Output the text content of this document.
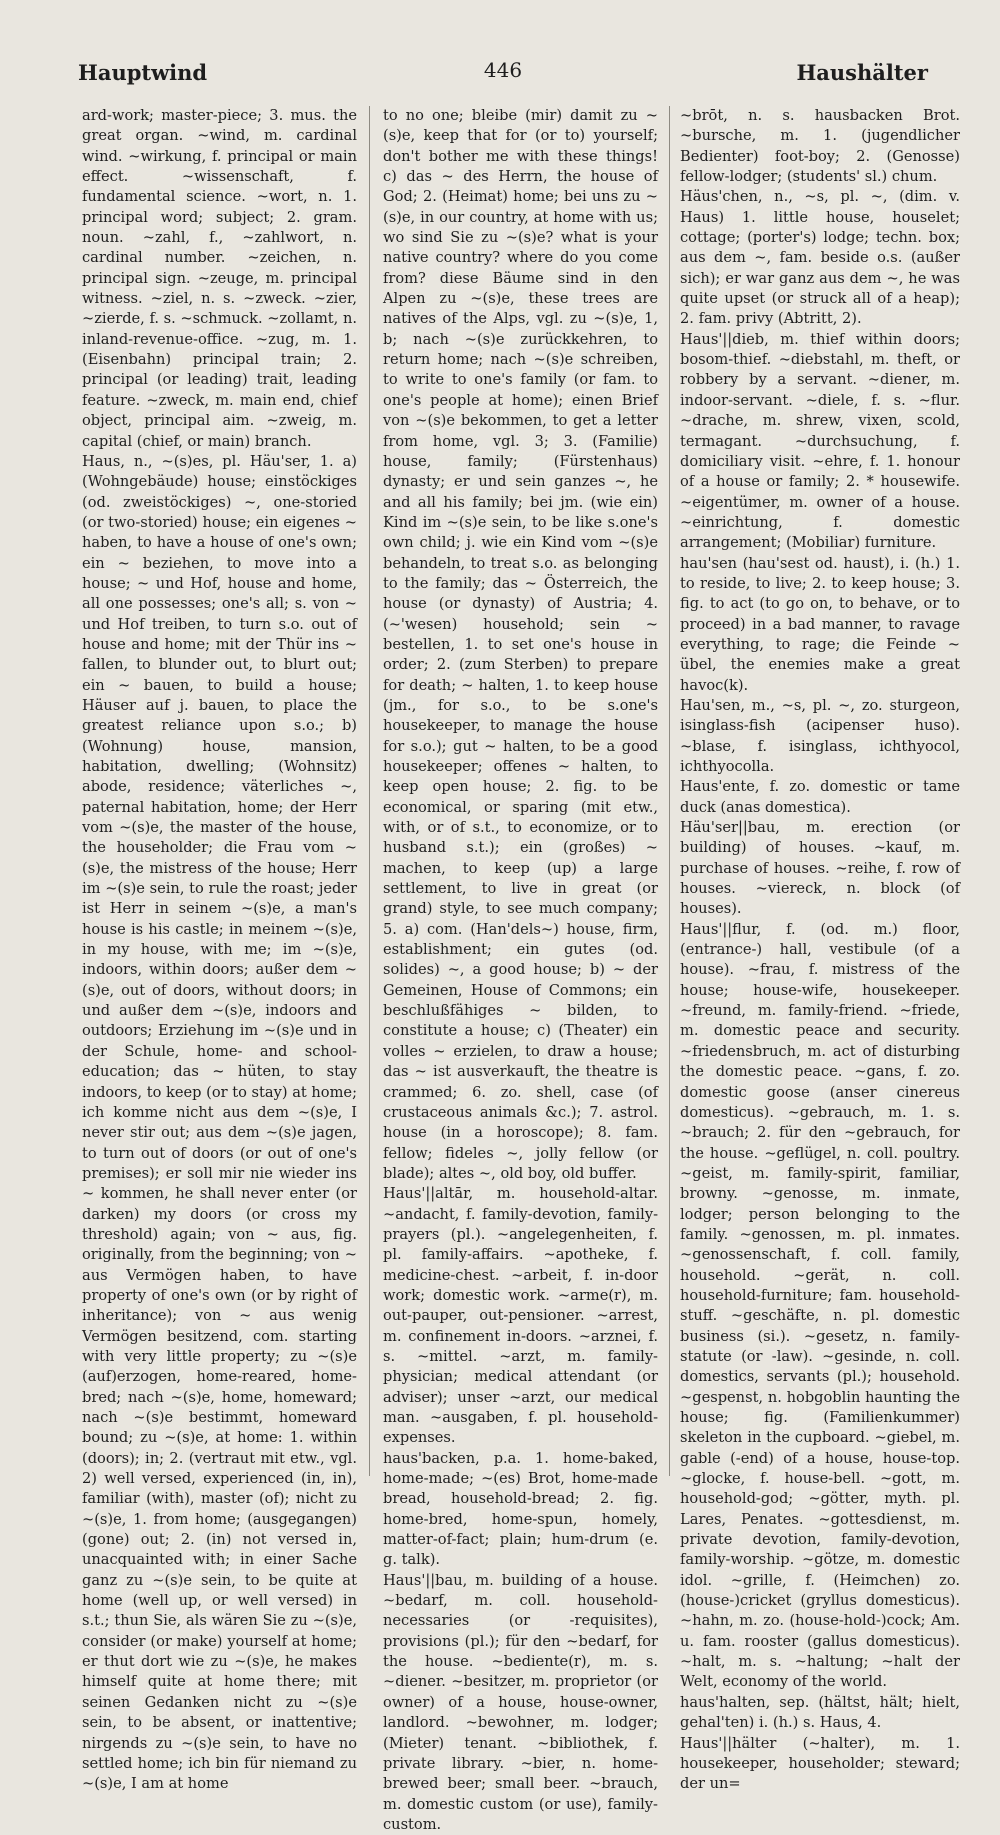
Hauptwind	446	Haushälter

ard-work; master-piece; 3. mus. the great organ. ~wind, m. cardinal wind. ~wirkung, f. principal or main effect. ~wissenschaft, f. fundamental science. ~wort, n. 1. principal word; subject; 2. gram. noun. ~zahl, f., ~zahlwort, n. cardinal number. ~zeichen, n. principal sign. ~zeuge, m. principal witness. ~ziel, n. s. ~zweck. ~zier, ~zierde, f. s. ~schmuck. ~zollamt, n. inland-revenue-office. ~zug, m. 1. (Eisenbahn) principal train; 2. principal (or leading) trait, leading feature. ~zweck, m. main end, chief object, principal aim. ~zweig, m. capital (chief, or main) branch.

Haus, n., ~(s)es, pl. Häu'ser, 1. a) (Wohngebäude) house; einstöckiges (od. zweistöckiges) ~, one-storied (or two-storied) house; ein eigenes ~ haben, to have a house of one's own; ein ~ beziehen, to move into a house; ~ und Hof, house and home, all one possesses; one's all; s. von ~ und Hof treiben, to turn s.o. out of house and home; mit der Thür ins ~ fallen, to blunder out, to blurt out; ein ~ bauen, to build a house; Häuser auf j. bauen, to place the greatest reliance upon s.o.; b) (Wohnung) house, mansion, habitation, dwelling; (Wohnsitz) abode, residence; väterliches ~, paternal habitation, home; der Herr vom ~(s)e, the master of the house, the householder; die Frau vom ~(s)e, the mistress of the house; Herr im ~(s)e sein, to rule the roast; jeder ist Herr in seinem ~(s)e, a man's house is his castle; in meinem ~(s)e, in my house, with me; im ~(s)e, indoors, within doors; außer dem ~(s)e, out of doors, without doors; in und außer dem ~(s)e, indoors and outdoors; Erziehung im ~(s)e und in der Schule, home- and school-education; das ~ hüten, to stay indoors, to keep (or to stay) at home; ich komme nicht aus dem ~(s)e, I never stir out; aus dem ~(s)e jagen, to turn out of doors (or out of one's premises); er soll mir nie wieder ins ~ kommen, he shall never enter (or darken) my doors (or cross my threshold) again; von ~ aus, fig. originally, from the beginning; von ~ aus Vermögen haben, to have property of one's own (or by right of inheritance); von ~ aus wenig Vermögen besitzend, com. starting with very little property; zu ~(s)e (auf)erzogen, home-reared, home-bred; nach ~(s)e, home, homeward; nach ~(s)e bestimmt, homeward bound; zu ~(s)e, at home: 1. within (doors); in; 2. (vertraut mit etw., vgl. 2) well versed, experienced (in, in), familiar (with), master (of); nicht zu ~(s)e, 1. from home; (ausgegangen) (gone) out; 2. (in) not versed in, unacquainted with; in einer Sache ganz zu ~(s)e sein, to be quite at home (well up, or well versed) in s.t.; thun Sie, als wären Sie zu ~(s)e, consider (or make) yourself at home; er thut dort wie zu ~(s)e, he makes himself quite at home there; mit seinen Gedanken nicht zu ~(s)e sein, to be absent, or inattentive; nirgends zu ~(s)e sein, to have no settled home; ich bin für niemand zu ~(s)e, I am at home

to no one; bleibe (mir) damit zu ~(s)e, keep that for (or to) yourself; don't bother me with these things! c) das ~ des Herrn, the house of God; 2. (Heimat) home; bei uns zu ~(s)e, in our country, at home with us; wo sind Sie zu ~(s)e? what is your native country? where do you come from? diese Bäume sind in den Alpen zu ~(s)e, these trees are natives of the Alps, vgl. zu ~(s)e, 1, b; nach ~(s)e zurückkehren, to return home; nach ~(s)e schreiben, to write to one's family (or fam. to one's people at home); einen Brief von ~(s)e bekommen, to get a letter from home, vgl. 3; 3. (Familie) house, family; (Fürstenhaus) dynasty; er und sein ganzes ~, he and all his family; bei jm. (wie ein) Kind im ~(s)e sein, to be like s.one's own child; j. wie ein Kind vom ~(s)e behandeln, to treat s.o. as belonging to the family; das ~ Österreich, the house (or dynasty) of Austria; 4. (~'wesen) household; sein ~ bestellen, 1. to set one's house in order; 2. (zum Sterben) to prepare for death; ~ halten, 1. to keep house (jm., for s.o., to be s.one's housekeeper, to manage the house for s.o.); gut ~ halten, to be a good housekeeper; offenes ~ halten, to keep open house; 2. fig. to be economical, or sparing (mit etw., with, or of s.t., to economize, or to husband s.t.); ein (großes) ~ machen, to keep (up) a large settlement, to live in great (or grand) style, to see much company; 5. a) com. (Han'dels~) house, firm, establishment; ein gutes (od. solides) ~, a good house; b) ~ der Gemeinen, House of Commons; ein beschlußfähiges ~ bilden, to constitute a house; c) (Theater) ein volles ~ erzielen, to draw a house; das ~ ist ausverkauft, the theatre is crammed; 6. zo. shell, case (of crustaceous animals &c.); 7. astrol. house (in a horoscope); 8. fam. fellow; fideles ~, jolly fellow (or blade); altes ~, old boy, old buffer.

Haus'||altār, m. household-altar. ~andacht, f. family-devotion, family-prayers (pl.). ~angelegenheiten, f. pl. family-affairs. ~apotheke, f. medicine-chest. ~arbeit, f. in-door work; domestic work. ~arme(r), m. out-pauper, out-pensioner. ~arrest, m. confinement in-doors. ~arznei, f. s. ~mittel. ~arzt, m. family-physician; medical attendant (or adviser); unser ~arzt, our medical man. ~ausgaben, f. pl. household-expenses.

haus'backen, p.a. 1. home-baked, home-made; ~(es) Brot, home-made bread, household-bread; 2. fig. home-bred, home-spun, homely, matter-of-fact; plain; hum-drum (e. g. talk).

Haus'||bau, m. building of a house. ~bedarf, m. coll. household-necessaries (or -requisites), provisions (pl.); für den ~bedarf, for the house. ~bediente(r), m. s. ~diener. ~besitzer, m. proprietor (or owner) of a house, house-owner, landlord. ~bewohner, m. lodger; (Mieter) tenant. ~bibliothek, f. private library. ~bier, n. home-brewed beer; small beer. ~brauch, m. domestic custom (or use), family-custom.

~brōt, n. s. hausbacken Brot. ~bursche, m. 1. (jugendlicher Bedienter) foot-boy; 2. (Genosse) fellow-lodger; (students' sl.) chum.

Häus'chen, n., ~s, pl. ~, (dim. v. Haus) 1. little house, houselet; cottage; (porter's) lodge; techn. box; aus dem ~, fam. beside o.s. (außer sich); er war ganz aus dem ~, he was quite upset (or struck all of a heap); 2. fam. privy (Abtritt, 2).

Haus'||dieb, m. thief within doors; bosom-thief. ~diebstahl, m. theft, or robbery by a servant. ~diener, m. indoor-servant. ~diele, f. s. ~flur. ~drache, m. shrew, vixen, scold, termagant. ~durchsuchung, f. domiciliary visit. ~ehre, f. 1. honour of a house or family; 2. * housewife. ~eigentümer, m. owner of a house. ~einrichtung, f. domestic arrangement; (Mobiliar) furniture.

hau'sen (hau'sest od. haust), i. (h.) 1. to reside, to live; 2. to keep house; 3. fig. to act (to go on, to behave, or to proceed) in a bad manner, to ravage everything, to rage; die Feinde ~ übel, the enemies make a great havoc(k).

Hau'sen, m., ~s, pl. ~, zo. sturgeon, isinglass-fish (acipenser huso). ~blase, f. isinglass, ichthyocol, ichthyocolla.

Haus'ente, f. zo. domestic or tame duck (anas domestica).

Häu'ser||bau, m. erection (or building) of houses. ~kauf, m. purchase of houses. ~reihe, f. row of houses. ~viereck, n. block (of houses).

Haus'||flur, f. (od. m.) floor, (entrance-) hall, vestibule (of a house). ~frau, f. mistress of the house; house-wife, housekeeper. ~freund, m. family-friend. ~friede, m. domestic peace and security. ~friedensbruch, m. act of disturbing the domestic peace. ~gans, f. zo. domestic goose (anser cinereus domesticus). ~gebrauch, m. 1. s. ~brauch; 2. für den ~gebrauch, for the house. ~geflügel, n. coll. poultry. ~geist, m. family-spirit, familiar, browny. ~genosse, m. inmate, lodger; person belonging to the family. ~genossen, m. pl. inmates. ~genossenschaft, f. coll. family, household. ~gerät, n. coll. household-furniture; fam. household-stuff. ~geschäfte, n. pl. domestic business (si.). ~gesetz, n. family-statute (or -law). ~gesinde, n. coll. domestics, servants (pl.); household. ~gespenst, n. hobgoblin haunting the house; fig. (Familienkummer) skeleton in the cupboard. ~giebel, m. gable (-end) of a house, house-top. ~glocke, f. house-bell. ~gott, m. household-god; ~götter, myth. pl. Lares, Penates. ~gottesdienst, m. private devotion, family-devotion, family-worship. ~götze, m. domestic idol. ~grille, f. (Heimchen) zo. (house-)cricket (gryllus domesticus). ~hahn, m. zo. (house-hold-)cock; Am. u. fam. rooster (gallus domesticus). ~halt, m. s. ~haltung; ~halt der Welt, economy of the world.

haus'halten, sep. (hältst, hält; hielt, gehal'ten) i. (h.) s. Haus, 4.

Haus'||hälter (~halter), m. 1. housekeeper, householder; steward; der un=
